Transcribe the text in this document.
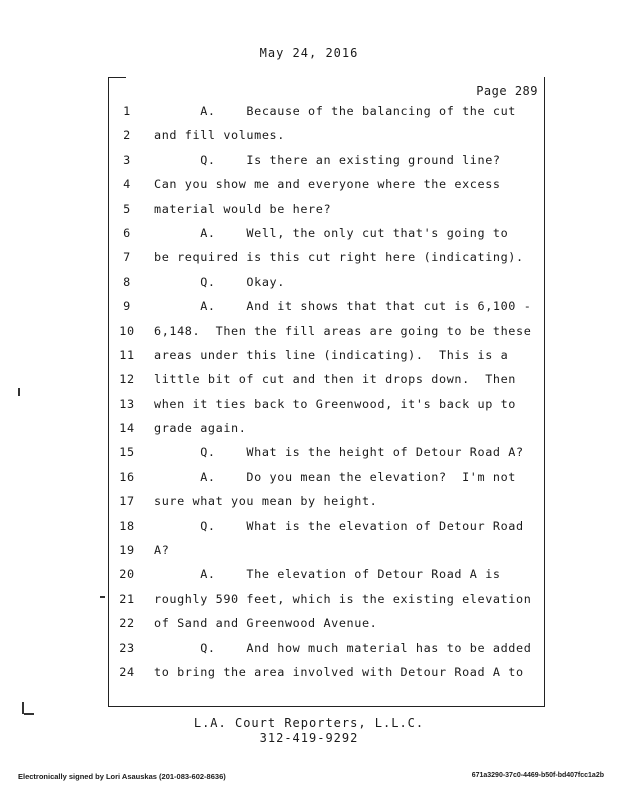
May 24, 2016
Page 289
1	A.    Because of the balancing of the cut
2	and fill volumes.
3	Q.    Is there an existing ground line?
4	Can you show me and everyone where the excess
5	material would be here?
6	A.    Well, the only cut that's going to
7	be required is this cut right here (indicating).
8	Q.    Okay.
9	A.    And it shows that that cut is 6,100 -
10 6,148.  Then the fill areas are going to be these
11 areas under this line (indicating).  This is a
12 little bit of cut and then it drops down.  Then
13 when it ties back to Greenwood, it's back up to
14 grade again.
15 Q.    What is the height of Detour Road A?
16 A.    Do you mean the elevation?  I'm not
17 sure what you mean by height.
18 Q.    What is the elevation of Detour Road
19 A?
20 A.    The elevation of Detour Road A is
21 roughly 590 feet, which is the existing elevation
22 of Sand and Greenwood Avenue.
23 Q.    And how much material has to be added
24 to bring the area involved with Detour Road A to
L.A. Court Reporters, L.L.C.
312-419-9292
Electronically signed by Lori Asauskas (201-083-602-8636)	671a3290-37c0-4469-b50f-bd407fcc1a2b
